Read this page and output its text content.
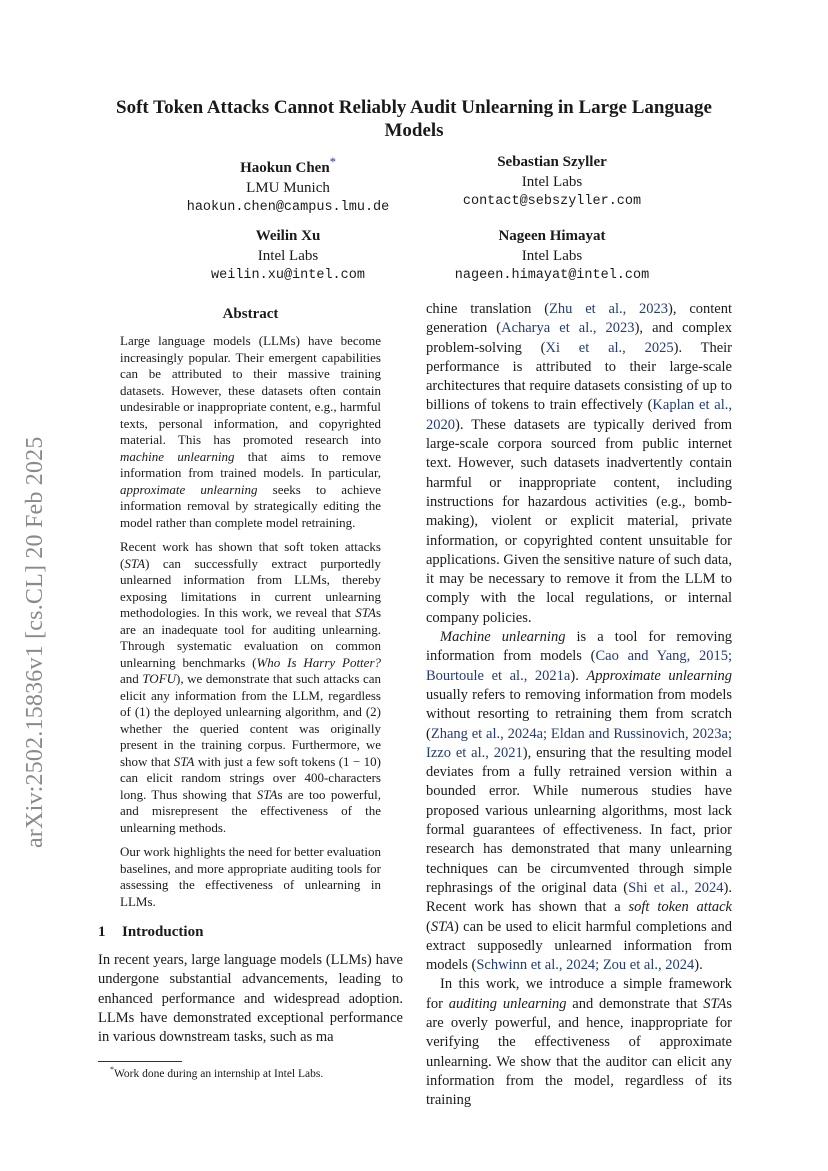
arXiv:2502.15836v1 [cs.CL] 20 Feb 2025
Soft Token Attacks Cannot Reliably Audit Unlearning in Large Language Models
Haokun Chen*
LMU Munich
haokun.chen@campus.lmu.de
Sebastian Szyller
Intel Labs
contact@sebszyller.com
Weilin Xu
Intel Labs
weilin.xu@intel.com
Nageen Himayat
Intel Labs
nageen.himayat@intel.com
Abstract

Large language models (LLMs) have become increasingly popular. Their emergent capabilities can be attributed to their massive training datasets. However, these datasets often contain undesirable or inappropriate content, e.g., harmful texts, personal information, and copyrighted material. This has promoted research into machine unlearning that aims to remove information from trained models. In particular, approximate unlearning seeks to achieve information removal by strategically editing the model rather than complete model retraining.

Recent work has shown that soft token attacks (STA) can successfully extract purportedly unlearned information from LLMs, thereby exposing limitations in current unlearning methodologies. In this work, we reveal that STAs are an inadequate tool for auditing unlearning. Through systematic evaluation on common unlearning benchmarks (Who Is Harry Potter? and TOFU), we demonstrate that such attacks can elicit any information from the LLM, regardless of (1) the deployed unlearning algorithm, and (2) whether the queried content was originally present in the training corpus. Furthermore, we show that STA with just a few soft tokens (1 − 10) can elicit random strings over 400-characters long. Thus showing that STAs are too powerful, and misrepresent the effectiveness of the unlearning methods.

Our work highlights the need for better evaluation baselines, and more appropriate auditing tools for assessing the effectiveness of unlearning in LLMs.

1 Introduction

In recent years, large language models (LLMs) have undergone substantial advancements, leading to enhanced performance and widespread adoption. LLMs have demonstrated exceptional performance in various downstream tasks, such as ma

chine translation (Zhu et al., 2023), content generation (Acharya et al., 2023), and complex problem-solving (Xi et al., 2025). Their performance is attributed to their large-scale architectures that require datasets consisting of up to billions of tokens to train effectively (Kaplan et al., 2020). These datasets are typically derived from large-scale corpora sourced from public internet text. However, such datasets inadvertently contain harmful or inappropriate content, including instructions for hazardous activities (e.g., bomb-making), violent or explicit material, private information, or copyrighted content unsuitable for applications. Given the sensitive nature of such data, it may be necessary to remove it from the LLM to comply with the local regulations, or internal company policies.

Machine unlearning is a tool for removing information from models (Cao and Yang, 2015; Bourtoule et al., 2021a). Approximate unlearning usually refers to removing information from models without resorting to retraining them from scratch (Zhang et al., 2024a; Eldan and Russinovich, 2023a; Izzo et al., 2021), ensuring that the resulting model deviates from a fully retrained version within a bounded error. While numerous studies have proposed various unlearning algorithms, most lack formal guarantees of effectiveness. In fact, prior research has demonstrated that many unlearning techniques can be circumvented through simple rephrasings of the original data (Shi et al., 2024). Recent work has shown that a soft token attack (STA) can be used to elicit harmful completions and extract supposedly unlearned information from models (Schwinn et al., 2024; Zou et al., 2024).

In this work, we introduce a simple framework for auditing unlearning and demonstrate that STAs are overly powerful, and hence, inappropriate for verifying the effectiveness of approximate unlearning. We show that the auditor can elicit any information from the model, regardless of its training

*Work done during an internship at Intel Labs.
